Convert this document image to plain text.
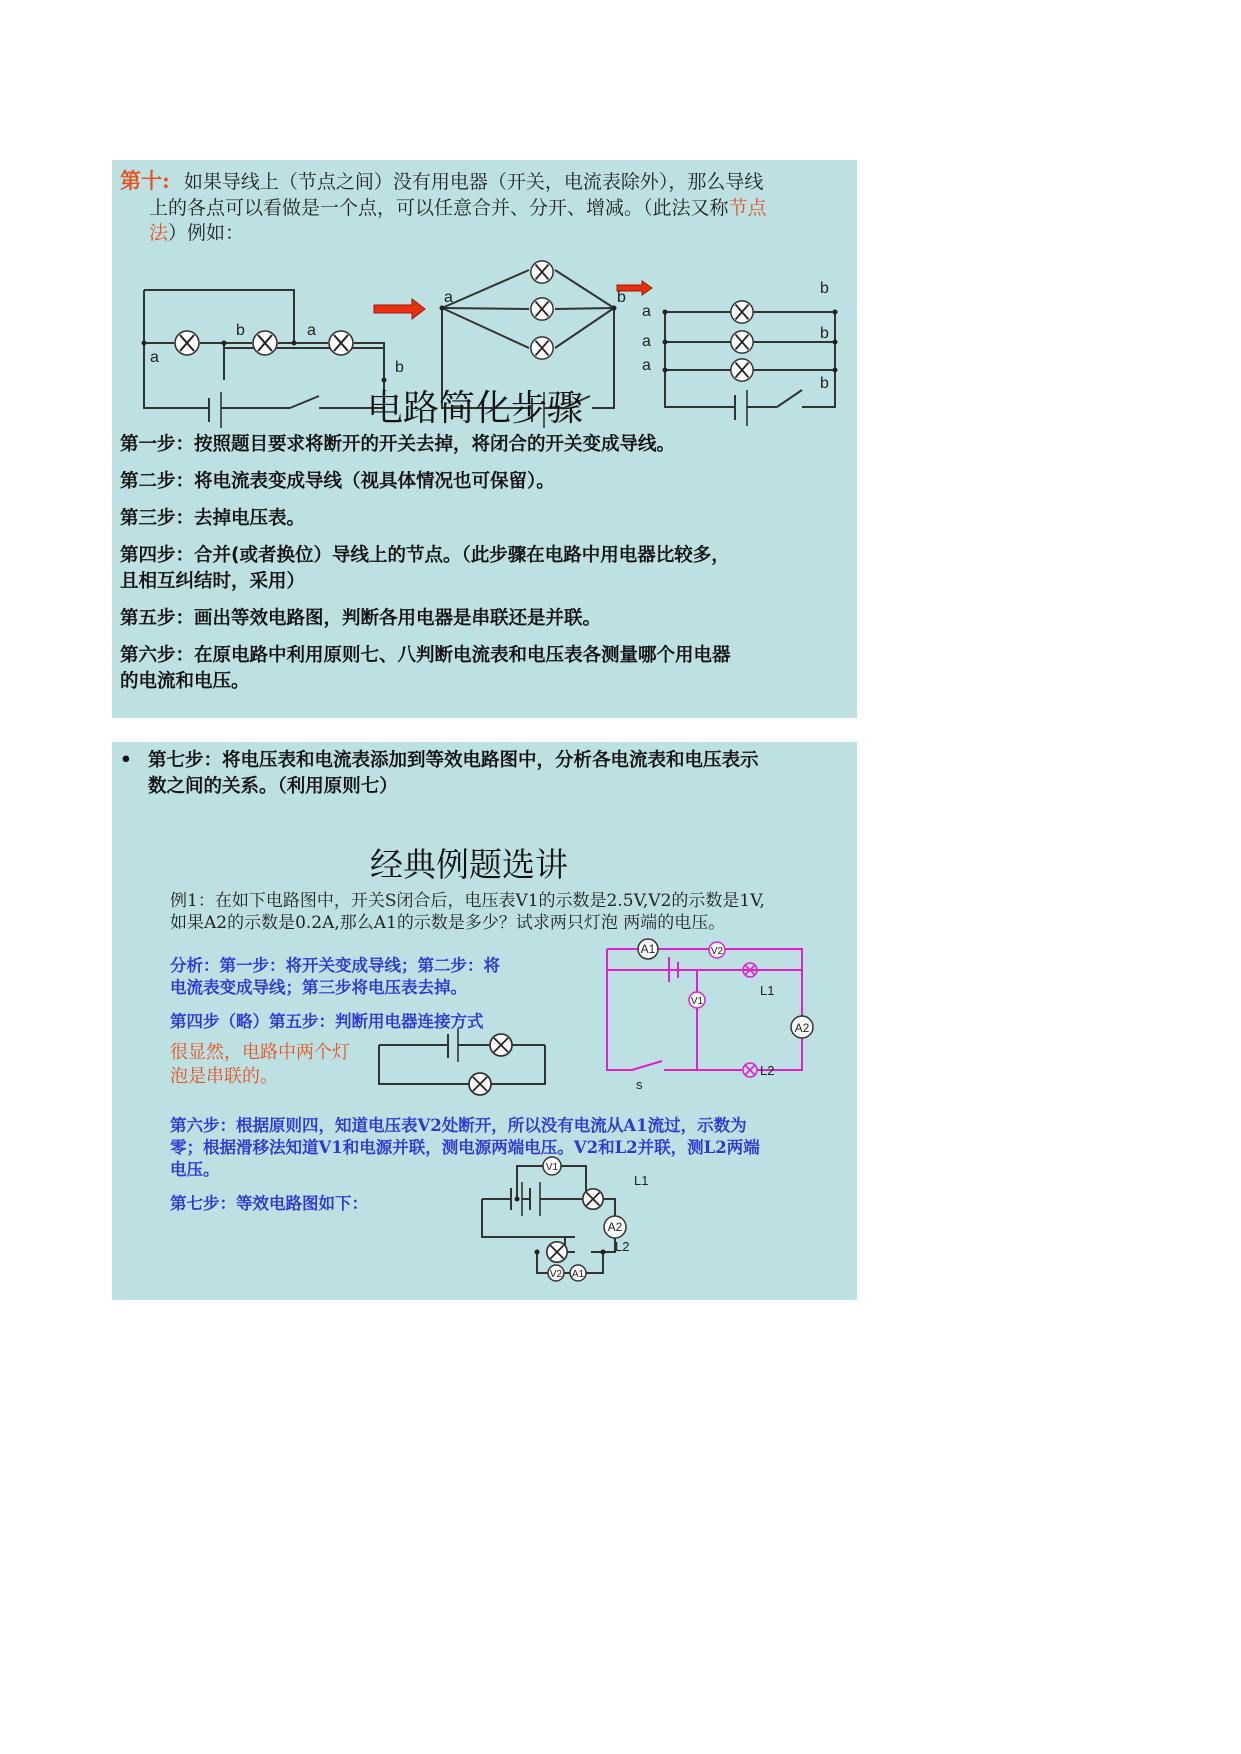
第十: 如果导线上（节点之间）没有用电器（开关，电流表除外），那么导线
上的各点可以看做是一个点，可以任意合并、分开、增减。（此法又称节点
法）例如：
a
b	a
b
a	b
a
a
a
b
b
b
电路简化步骤
第一步：按照题目要求将断开的开关去掉，将闭合的开关变成导线。
第二步：将电流表变成导线（视具体情况也可保留）。
第三步：去掉电压表。
第四步：合并(或者换位）导线上的节点。（此步骤在电路中用电器比较多，
且相互纠结时，采用）
第五步：画出等效电路图，判断各用电器是串联还是并联。
第六步：在原电路中利用原则七、八判断电流表和电压表各测量哪个用电器
的电流和电压。
• 第七步：将电压表和电流表添加到等效电路图中，分析各电流表和电压表示
数之间的关系。（利用原则七）
经典例题选讲
例1：在如下电路图中，开关S闭合后，电压表V1的示数是2.5V,V2的示数是1V,
如果A2的示数是0.2A,那么A1的示数是多少？试求两只灯泡 两端的电压。
分析：第一步：将开关变成导线；第二步：将
电流表变成导线；第三步将电压表去掉。
第四步（略）第五步：判断用电器连接方式
很显然，电路中两个灯
泡是串联的。
第六步：根据原则四，知道电压表V2处断开，所以没有电流从A1流过，示数为
零；根据滑移法知道V1和电源并联，测电源两端电压。V2和L2并联，测L2两端
电压。
第七步：等效电路图如下：
A1	V2
V1
A2
L1
L2
s
V1
A2
V2 A1
L1
L2
